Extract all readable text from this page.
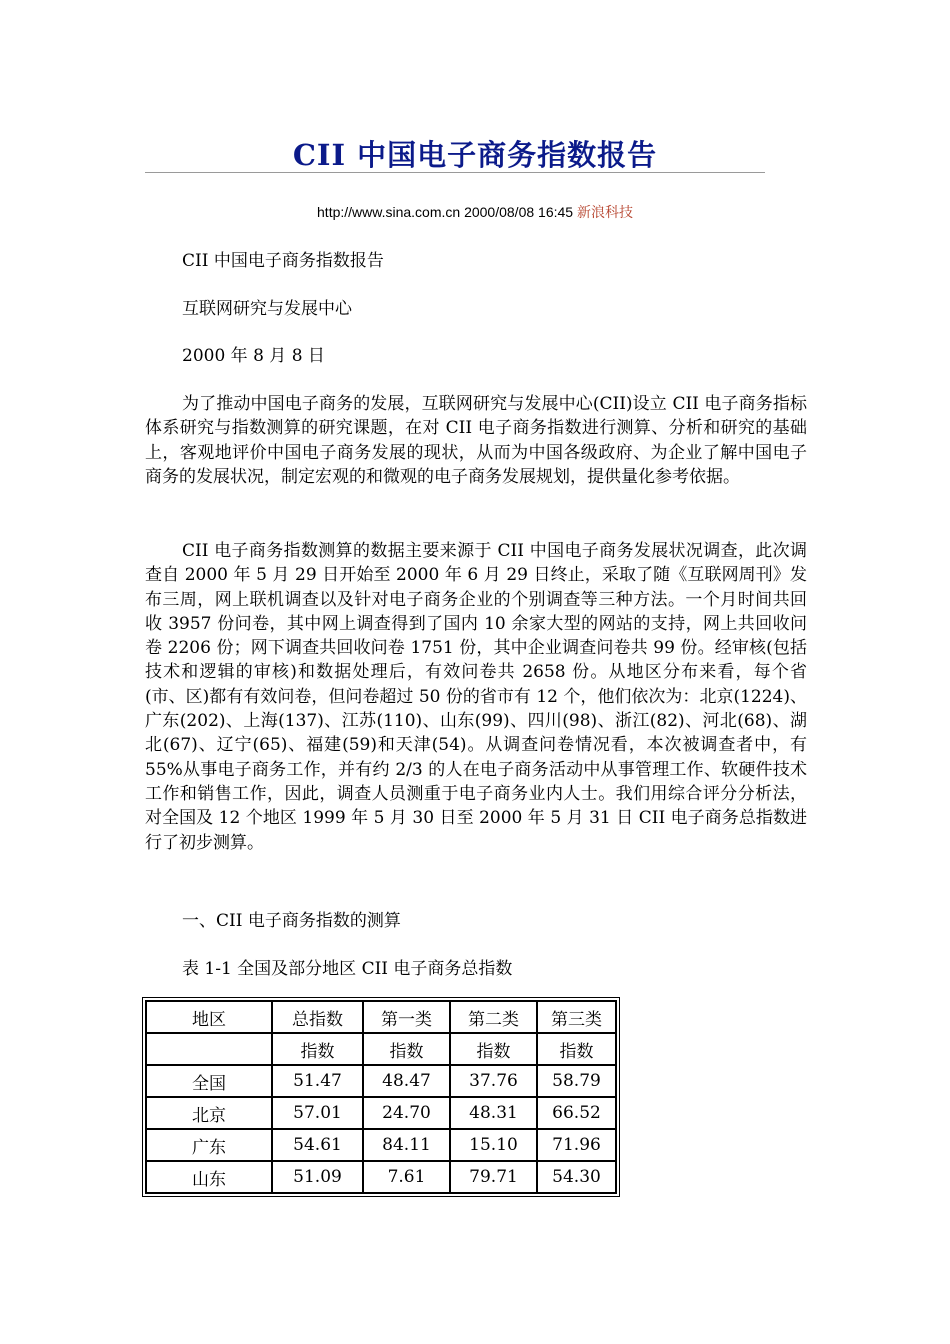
CII 中国电子商务指数报告
http://www.sina.com.cn 2000/08/08 16:45 新浪科技
CII 中国电子商务指数报告
互联网研究与发展中心
2000 年 8 月 8 日
为了推动中国电子商务的发展，互联网研究与发展中心(CII)设立 CII 电子商务指标体系研究与指数测算的研究课题，在对 CII 电子商务指数进行测算、分析和研究的基础上，客观地评价中国电子商务发展的现状，从而为中国各级政府、为企业了解中国电子商务的发展状况，制定宏观的和微观的电子商务发展规划，提供量化参考依据。
CII 电子商务指数测算的数据主要来源于 CII 中国电子商务发展状况调查，此次调查自 2000 年 5 月 29 日开始至 2000 年 6 月 29 日终止，采取了随《互联网周刊》发布三周，网上联机调查以及针对电子商务企业的个别调查等三种方法。一个月时间共回收 3957 份问卷，其中网上调查得到了国内 10 余家大型的网站的支持，网上共回收问卷 2206 份；网下调查共回收问卷 1751 份，其中企业调查问卷共 99 份。经审核(包括技术和逻辑的审核)和数据处理后，有效问卷共 2658 份。从地区分布来看，每个省(市、区)都有有效问卷，但问卷超过 50 份的省市有 12 个，他们依次为：北京(1224)、广东(202)、上海(137)、江苏(110)、山东(99)、四川(98)、浙江(82)、河北(68)、湖北(67)、辽宁(65)、福建(59)和天津(54)。从调查问卷情况看，本次被调查者中，有 55%从事电子商务工作，并有约 2/3 的人在电子商务活动中从事管理工作、软硬件技术工作和销售工作，因此，调查人员测重于电子商务业内人士。我们用综合评分分析法，对全国及 12 个地区 1999 年 5 月 30 日至 2000 年 5 月 31 日 CII 电子商务总指数进行了初步测算。
一、CII 电子商务指数的测算
表 1-1 全国及部分地区 CII 电子商务总指数
地区	总指数	第一类	第二类	第三类
	指数	指数	指数	指数
全国	51.47	48.47	37.76	58.79
北京	57.01	24.70	48.31	66.52
广东	54.61	84.11	15.10	71.96
山东	51.09	7.61	79.71	54.30
